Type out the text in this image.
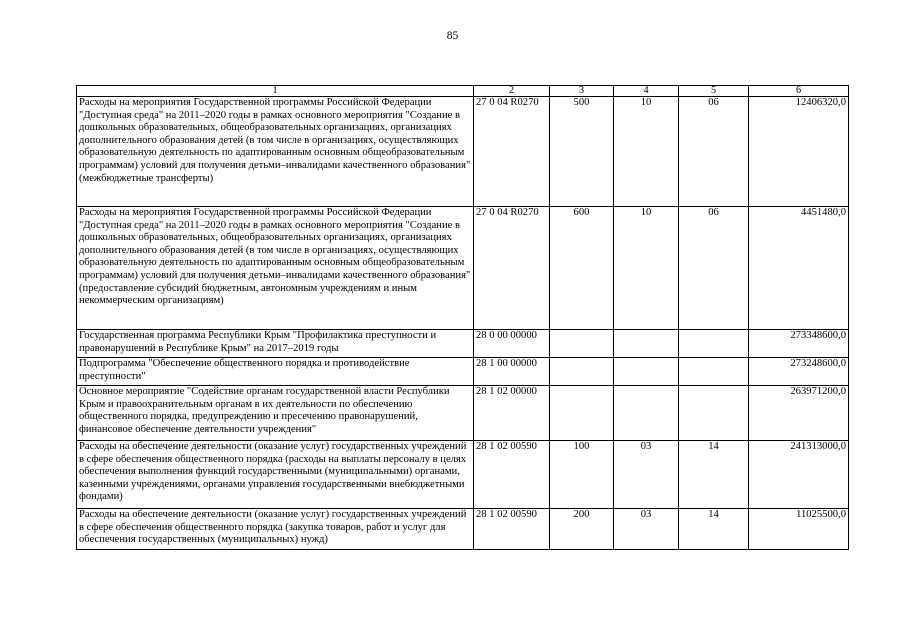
85
1	2	3	4	5	6
Расходы на мероприятия Государственной программы Российской Федерации "Доступная среда" на 2011–2020 годы в рамках основного мероприятия "Создание в дошкольных образовательных, общеобразовательных организациях, организациях дополнительного образования детей (в том числе в организациях, осуществляющих образовательную деятельность по адаптированным основным общеобразовательным программам) условий для получения детьми–инвалидами качественного образования" (межбюджетные трансферты)	27 0 04 R0270	500	10	06	12406320,0
Расходы на мероприятия Государственной программы Российской Федерации "Доступная среда" на 2011–2020 годы в рамках основного мероприятия "Создание в дошкольных образовательных, общеобразовательных организациях, организациях дополнительного образования детей (в том числе в организациях, осуществляющих образовательную деятельность по адаптированным основным общеобразовательным программам) условий для получения детьми–инвалидами качественного образования" (предоставление субсидий бюджетным, автономным учреждениям и иным некоммерческим организациям)	27 0 04 R0270	600	10	06	4451480,0
Государственная программа Республики Крым "Профилактика преступности и правонарушений в Республике Крым" на 2017–2019 годы	28 0 00 00000				273348600,0
Подпрограмма "Обеспечение общественного порядка и противодействие преступности"	28 1 00 00000				273248600,0
Основное мероприятие "Содействие органам государственной власти Республики Крым и правоохранительным органам в их деятельности по обеспечению общественного порядка, предупреждению и пресечению правонарушений, финансовое обеспечение деятельности учреждения"	28 1 02 00000				263971200,0
Расходы на обеспечение деятельности (оказание услуг) государственных учреждений в сфере обеспечения общественного порядка (расходы на выплаты персоналу в целях обеспечения выполнения функций государственными (муниципальными) органами, казенными учреждениями, органами управления государственными внебюджетными фондами)	28 1 02 00590	100	03	14	241313000,0
Расходы на обеспечение деятельности (оказание услуг) государственных учреждений в сфере обеспечения общественного порядка (закупка товаров, работ и услуг для обеспечения государственных (муниципальных) нужд)	28 1 02 00590	200	03	14	11025500,0
